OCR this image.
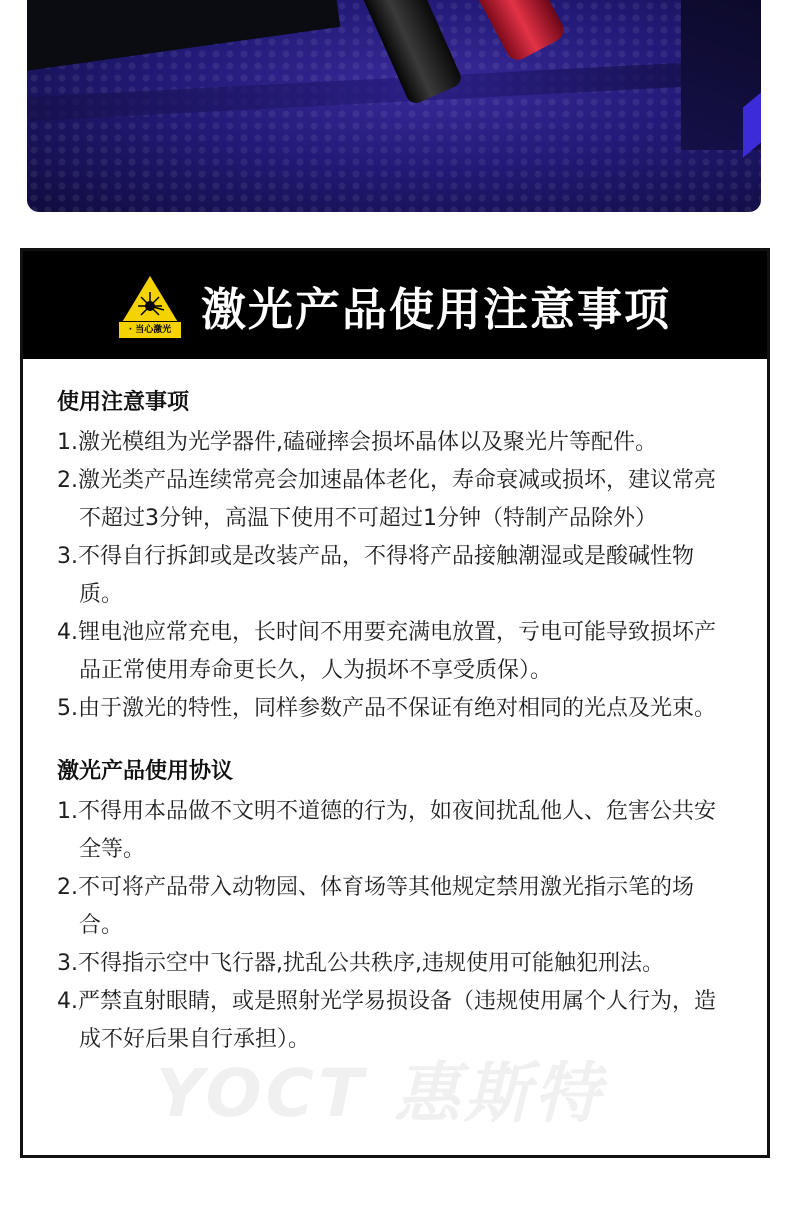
· 当心激光 激光产品使用注意事项
使用注意事项

1.激光模组为光学器件,磕碰摔会损坏晶体以及聚光片等配件。

2.激光类产品连续常亮会加速晶体老化，寿命衰减或损坏，建议常亮不超过3分钟，高温下使用不可超过1分钟（特制产品除外）

3.不得自行拆卸或是改装产品，不得将产品接触潮湿或是酸碱性物质。

4.锂电池应常充电，长时间不用要充满电放置，亏电可能导致损坏产品正常使用寿命更长久，人为损坏不享受质保）。

5.由于激光的特性，同样参数产品不保证有绝对相同的光点及光束。

激光产品使用协议

1.不得用本品做不文明不道德的行为，如夜间扰乱他人、危害公共安全等。

2.不可将产品带入动物园、体育场等其他规定禁用激光指示笔的场合。

3.不得指示空中飞行器,扰乱公共秩序,违规使用可能触犯刑法。

4.严禁直射眼睛，或是照射光学易损设备（违规使用属个人行为，造成不好后果自行承担）。
